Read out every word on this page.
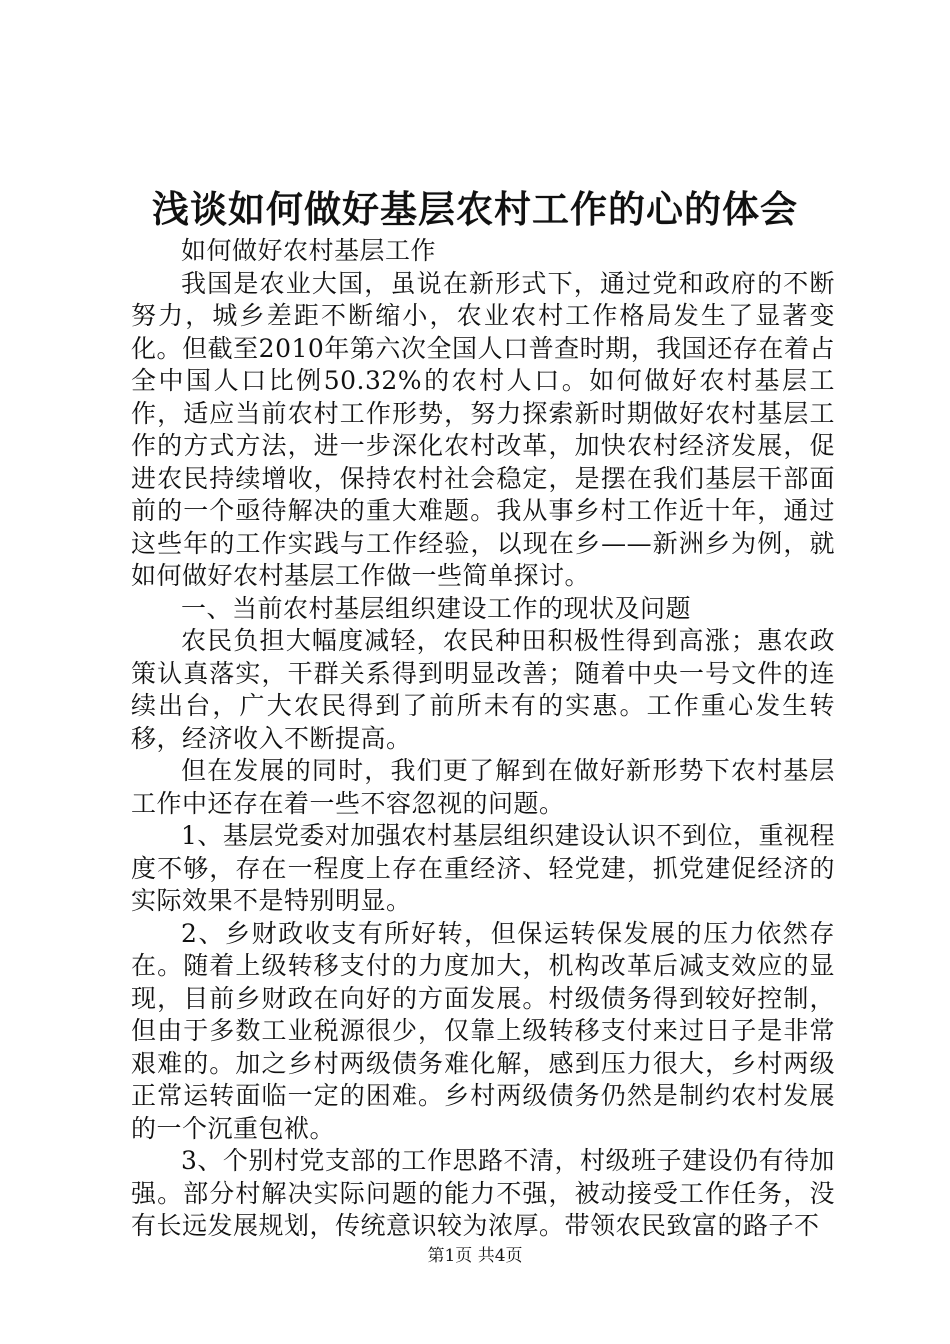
浅谈如何做好基层农村工作的心的体会

如何做好农村基层工作

我国是农业大国，虽说在新形式下，通过党和政府的不断努力，城乡差距不断缩小，农业农村工作格局发生了显著变化。但截至2010年第六次全国人口普查时期，我国还存在着占全中国人口比例50.32%的农村人口。如何做好农村基层工作，适应当前农村工作形势，努力探索新时期做好农村基层工作的方式方法，进一步深化农村改革，加快农村经济发展，促进农民持续增收，保持农村社会稳定，是摆在我们基层干部面前的一个亟待解决的重大难题。我从事乡村工作近十年，通过这些年的工作实践与工作经验，以现在乡——新洲乡为例，就如何做好农村基层工作做一些简单探讨。

一、当前农村基层组织建设工作的现状及问题

农民负担大幅度减轻，农民种田积极性得到高涨；惠农政策认真落实，干群关系得到明显改善；随着中央一号文件的连续出台，广大农民得到了前所未有的实惠。工作重心发生转移，经济收入不断提高。

但在发展的同时，我们更了解到在做好新形势下农村基层工作中还存在着一些不容忽视的问题。

1、基层党委对加强农村基层组织建设认识不到位，重视程度不够，存在一程度上存在重经济、轻党建，抓党建促经济的实际效果不是特别明显。

2、乡财政收支有所好转，但保运转保发展的压力依然存在。随着上级转移支付的力度加大，机构改革后减支效应的显现，目前乡财政在向好的方面发展。村级债务得到较好控制，但由于多数工业税源很少，仅靠上级转移支付来过日子是非常艰难的。加之乡村两级债务难化解，感到压力很大，乡村两级正常运转面临一定的困难。乡村两级债务仍然是制约农村发展的一个沉重包袱。

3、个别村党支部的工作思路不清，村级班子建设仍有待加强。部分村解决实际问题的能力不强，被动接受工作任务，没有长远发展规划，传统意识较为浓厚。带领农民致富的路子不

第1页 共4页
